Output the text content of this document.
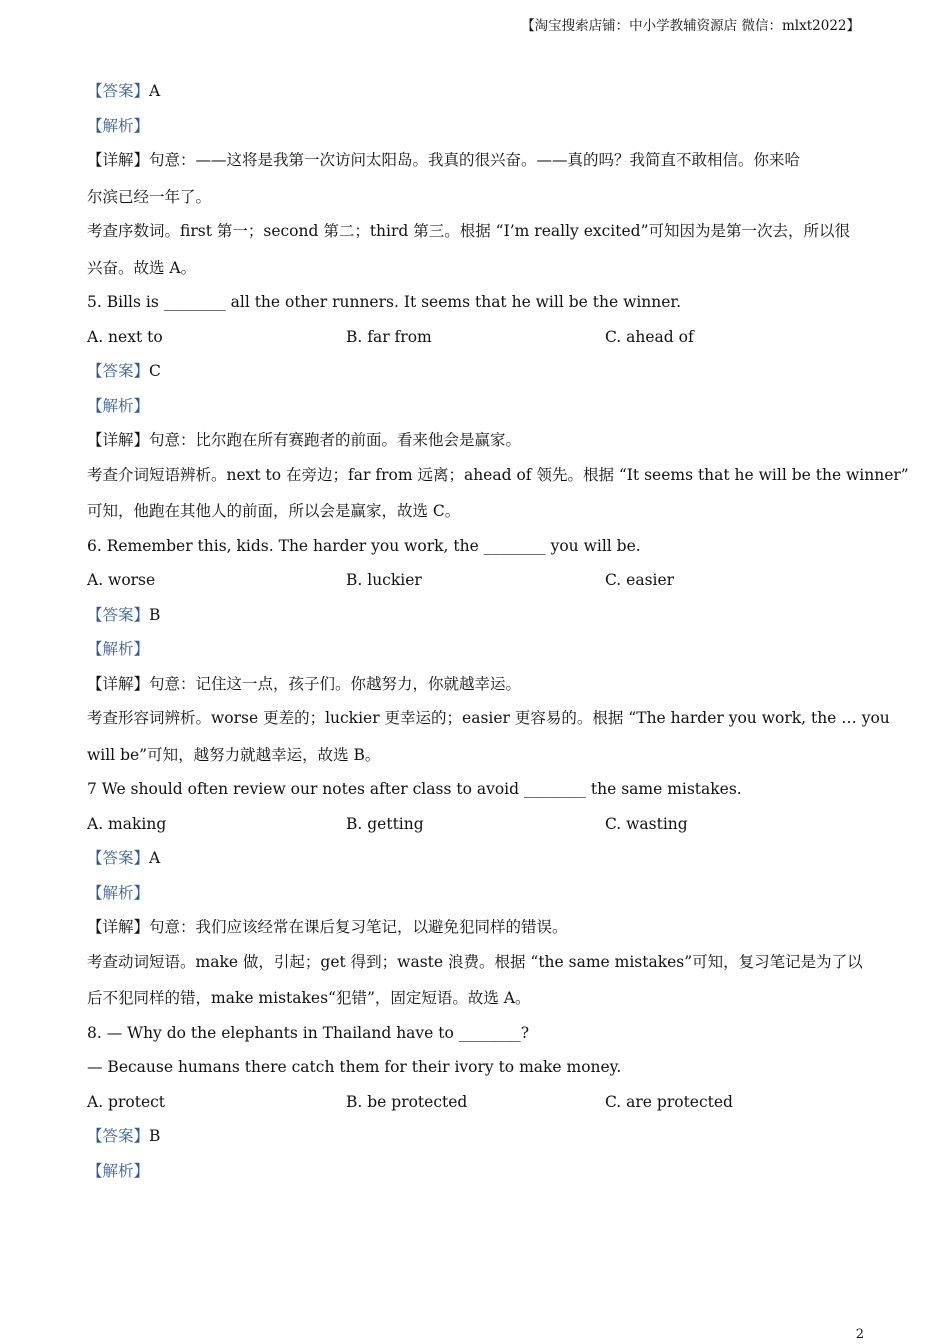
【淘宝搜索店铺：中小学教辅资源店 微信：mlxt2022】
【答案】A
【解析】
【详解】句意：——这将是我第一次访问太阳岛。我真的很兴奋。——真的吗？我简直不敢相信。你来哈
尔滨已经一年了。
考查序数词。first 第一；second 第二；third 第三。根据 “I’m really excited”可知因为是第一次去，所以很
兴奋。故选 A。
5. Bills is ________ all the other runners. It seems that he will be the winner.
A. next to	B. far from	C. ahead of
【答案】C
【解析】
【详解】句意：比尔跑在所有赛跑者的前面。看来他会是赢家。
考查介词短语辨析。next to 在旁边；far from 远离；ahead of 领先。根据 “It seems that he will be the winner”
可知，他跑在其他人的前面，所以会是赢家，故选 C。
6. Remember this, kids. The harder you work, the ________ you will be.
A. worse	B. luckier	C. easier
【答案】B
【解析】
【详解】句意：记住这一点，孩子们。你越努力，你就越幸运。
考查形容词辨析。worse 更差的；luckier 更幸运的；easier 更容易的。根据 “The harder you work, the … you
will be”可知，越努力就越幸运，故选 B。
7 We should often review our notes after class to avoid ________ the same mistakes.
A. making	B. getting	C. wasting
【答案】A
【解析】
【详解】句意：我们应该经常在课后复习笔记，以避免犯同样的错误。
考查动词短语。make 做，引起；get 得到；waste 浪费。根据 “the same mistakes”可知，复习笔记是为了以
后不犯同样的错，make mistakes“犯错”，固定短语。故选 A。
8. — Why do the elephants in Thailand have to ________?
— Because humans there catch them for their ivory to make money.
A. protect	B. be protected	C. are protected
【答案】B
【解析】
2
